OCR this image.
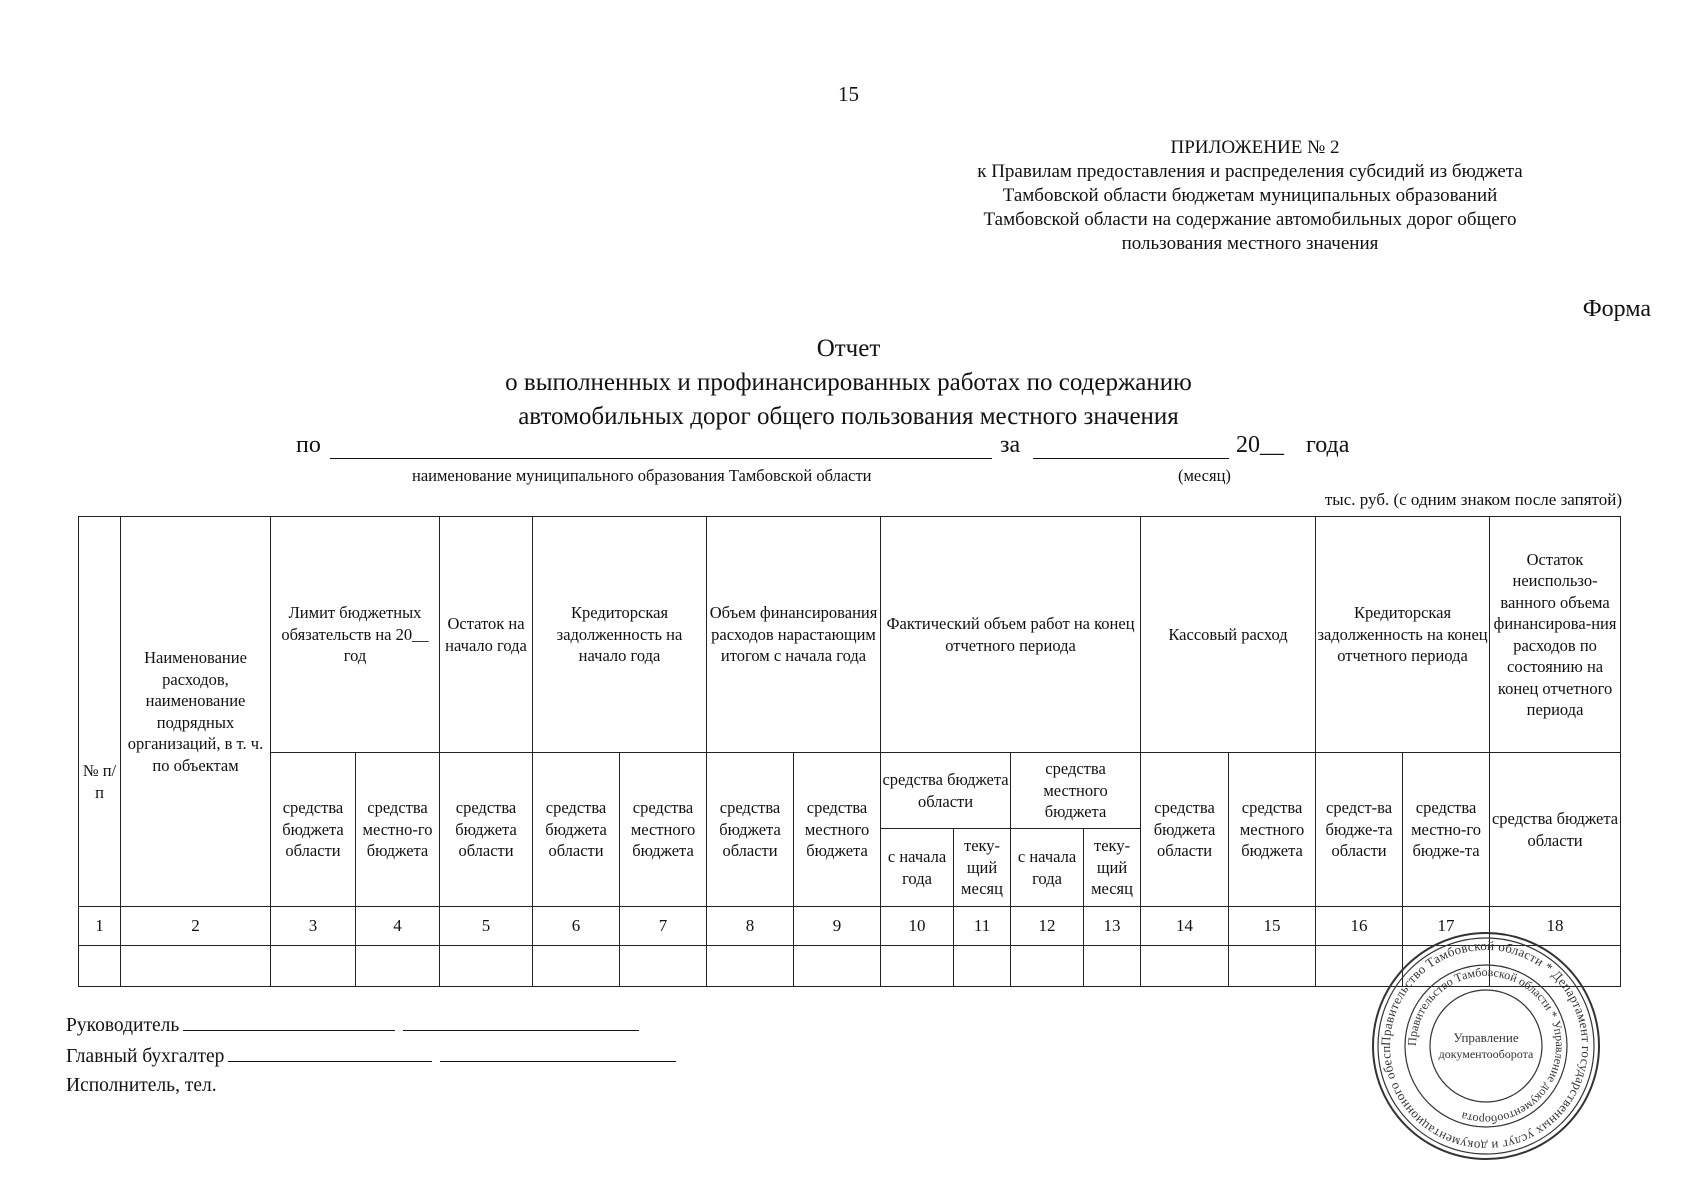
15
ПРИЛОЖЕНИЕ № 2
к Правилам предоставления и распределения субсидий из бюджета
Тамбовской области бюджетам муниципальных образований
Тамбовской области на содержание автомобильных дорог общего
пользования местного значения
Форма
Отчет
о выполненных и профинансированных работах по содержанию
автомобильных дорог общего пользования местного значения
по	за	20__ года
наименование муниципального образования Тамбовской области	(месяц)
тыс. руб. (с одним знаком после запятой)
№ п/п	Наименование расходов, наименование подрядных организаций, в т. ч. по объектам	Лимит бюджетных обязательств на 20__ год		Остаток на начало года	Кредиторская задолженность на начало года		Объем финансирования расходов нарастающим итогом с начала года		Фактический объем работ на конец отчетного периода				Кассовый расход		Кредиторская задолженность на конец отчетного периода		Остаток неиспользо-ванного объема финансирова-ния расходов по состоянию на конец отчетного периода
		средства бюджета области	средства местно-го бюджета	средства бюджета области	средства бюджета области	средства местного бюджета	средства бюджета области	средства местного бюджета	средства бюджета области		средства местного бюджета		средства бюджета области	средства местного бюджета	средст-ва бюдже-та области	средства местно-го бюдже-та	средства бюджета области
									с начала года	теку-щий месяц	с начала года	теку-щий месяц					
1	2	3	4	5	6	7	8	9	10	11	12	13	14	15	16	17	18

Руководитель
Главный бухгалтер
Исполнитель, тел.
Правительство Тамбовской области * Департамент государственных услуг и документационного обесп
Правительство Тамбовской области * Управление документооборота
Управление
документооборота
